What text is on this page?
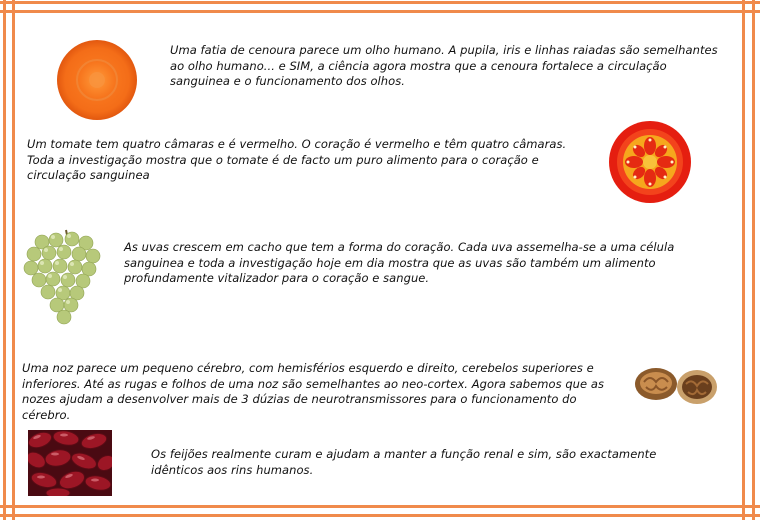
Uma fatia de cenoura parece um olho humano. A pupila, iris e linhas raiadas são semelhantes ao olho humano... e SIM, a ciência agora mostra que a cenoura fortalece a circulação sanguinea e o funcionamento dos olhos.

Um tomate tem quatro câmaras e é vermelho. O coração é vermelho e têm quatro câmaras. Toda a investigação mostra que o tomate é de facto um puro alimento para o coração e circulação sanguinea

As uvas crescem em cacho que tem a forma do coração. Cada uva assemelha-se a uma célula sanguinea e toda a investigação hoje em dia mostra que as uvas são também um alimento profundamente vitalizador para o coração e sangue.

Uma noz parece um pequeno cérebro, com hemisférios esquerdo e direito, cerebelos superiores e inferiores. Até as rugas e folhos de uma noz são semelhantes ao neo-cortex. Agora sabemos que as nozes ajudam a desenvolver mais de 3 dúzias de neurotransmissores para o funcionamento do cérebro.

Os feijões realmente curam e ajudam a manter a função renal e sim, são exactamente idênticos aos rins humanos.
